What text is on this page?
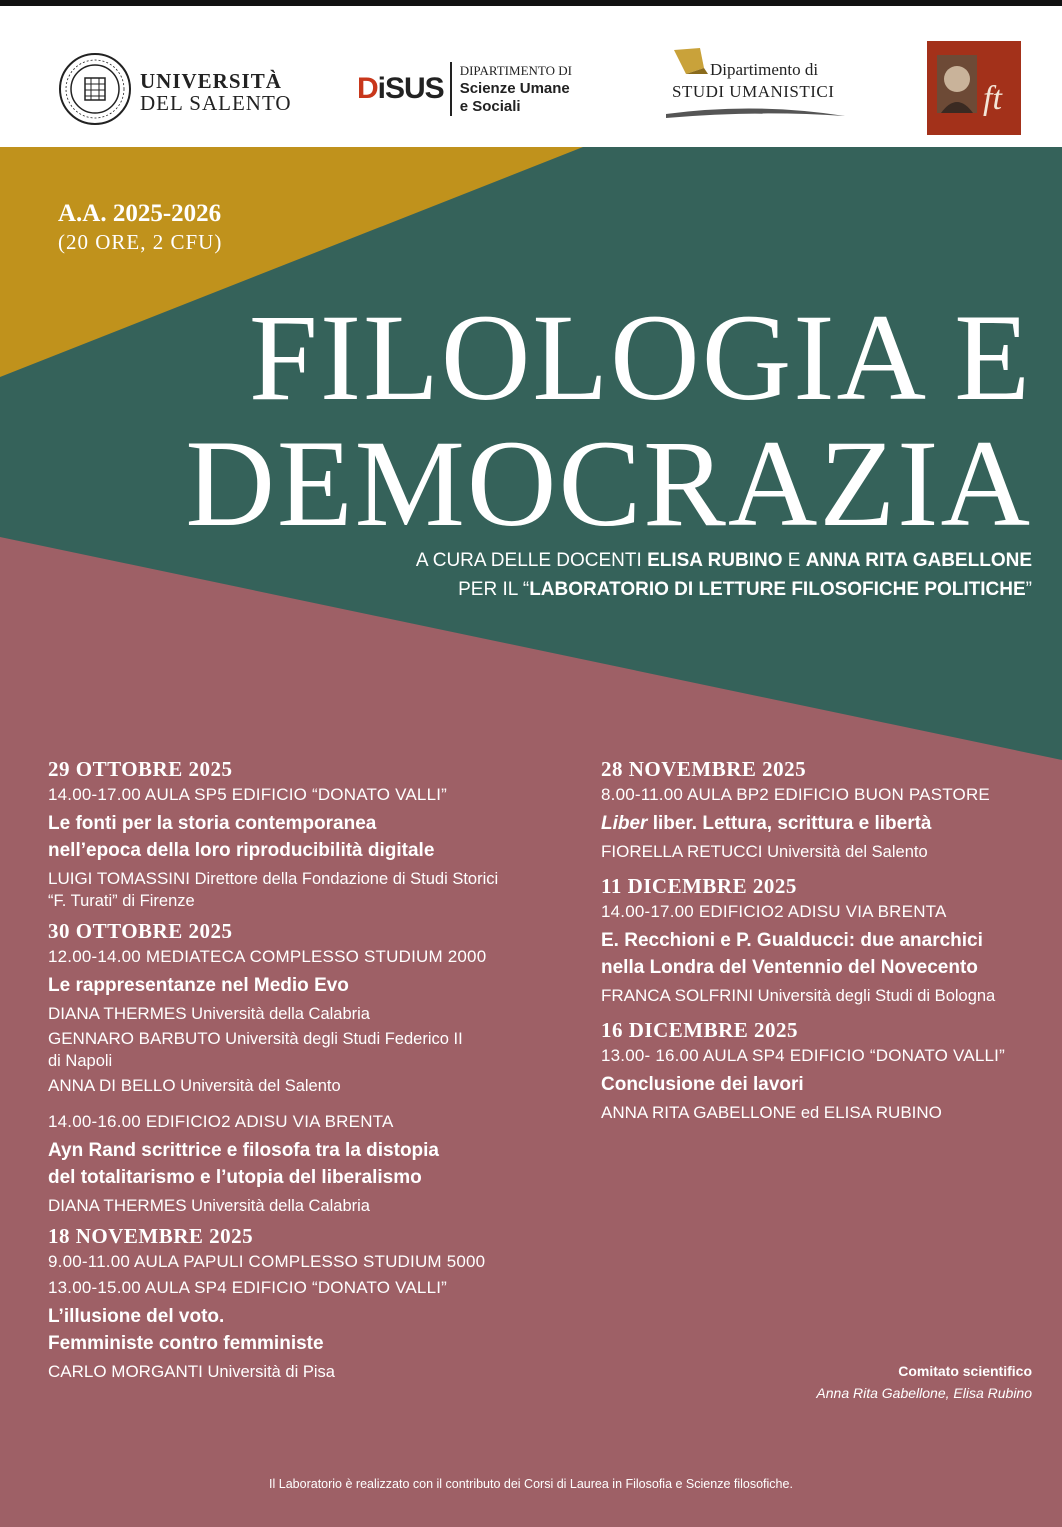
UNIVERSITÀ
DEL SALENTO DiSUS
DIPARTIMENTO DI
Scienze Umane
e Sociali
Dipartimento di
STUDI UMANISTICI	ft
A.A. 2025-2026
(20 ORE, 2 CFU)
FILOLOGIA E
DEMOCRAZIA
A CURA DELLE DOCENTI ELISA RUBINO E ANNA RITA GABELLONE
PER IL “LABORATORIO DI LETTURE FILOSOFICHE POLITICHE”
29 OTTOBRE 2025
14.00-17.00 AULA SP5 EDIFICIO “DONATO VALLI”
Le fonti per la storia contemporanea
nell’epoca della loro riproducibilità digitale
LUIGI TOMASSINI Direttore della Fondazione di Studi Storici
“F. Turati” di Firenze
30 OTTOBRE 2025
12.00-14.00 MEDIATECA COMPLESSO STUDIUM 2000
Le rappresentanze nel Medio Evo
DIANA THERMES Università della Calabria
GENNARO BARBUTO Università degli Studi Federico II
di Napoli
ANNA DI BELLO Università del Salento
14.00-16.00 EDIFICIO2 ADISU VIA BRENTA
Ayn Rand scrittrice e filosofa tra la distopia
del totalitarismo e l’utopia del liberalismo
DIANA THERMES Università della Calabria
18 NOVEMBRE 2025
9.00-11.00 AULA PAPULI COMPLESSO STUDIUM 5000
13.00-15.00 AULA SP4 EDIFICIO “DONATO VALLI”
L’illusione del voto.
Femministe contro femministe
CARLO MORGANTI Università di Pisa
28 NOVEMBRE 2025
8.00-11.00 AULA BP2 EDIFICIO BUON PASTORE
Liber liber. Lettura, scrittura e libertà
FIORELLA RETUCCI Università del Salento
11 DICEMBRE 2025
14.00-17.00 EDIFICIO2 ADISU VIA BRENTA
E. Recchioni e P. Gualducci: due anarchici
nella Londra del Ventennio del Novecento
FRANCA SOLFRINI Università degli Studi di Bologna
16 DICEMBRE 2025
13.00- 16.00 AULA SP4 EDIFICIO “DONATO VALLI”
Conclusione dei lavori
ANNA RITA GABELLONE ed ELISA RUBINO
Comitato scientifico
Anna Rita Gabellone, Elisa Rubino
Il Laboratorio è realizzato con il contributo dei Corsi di Laurea in Filosofia e Scienze filosofiche.
